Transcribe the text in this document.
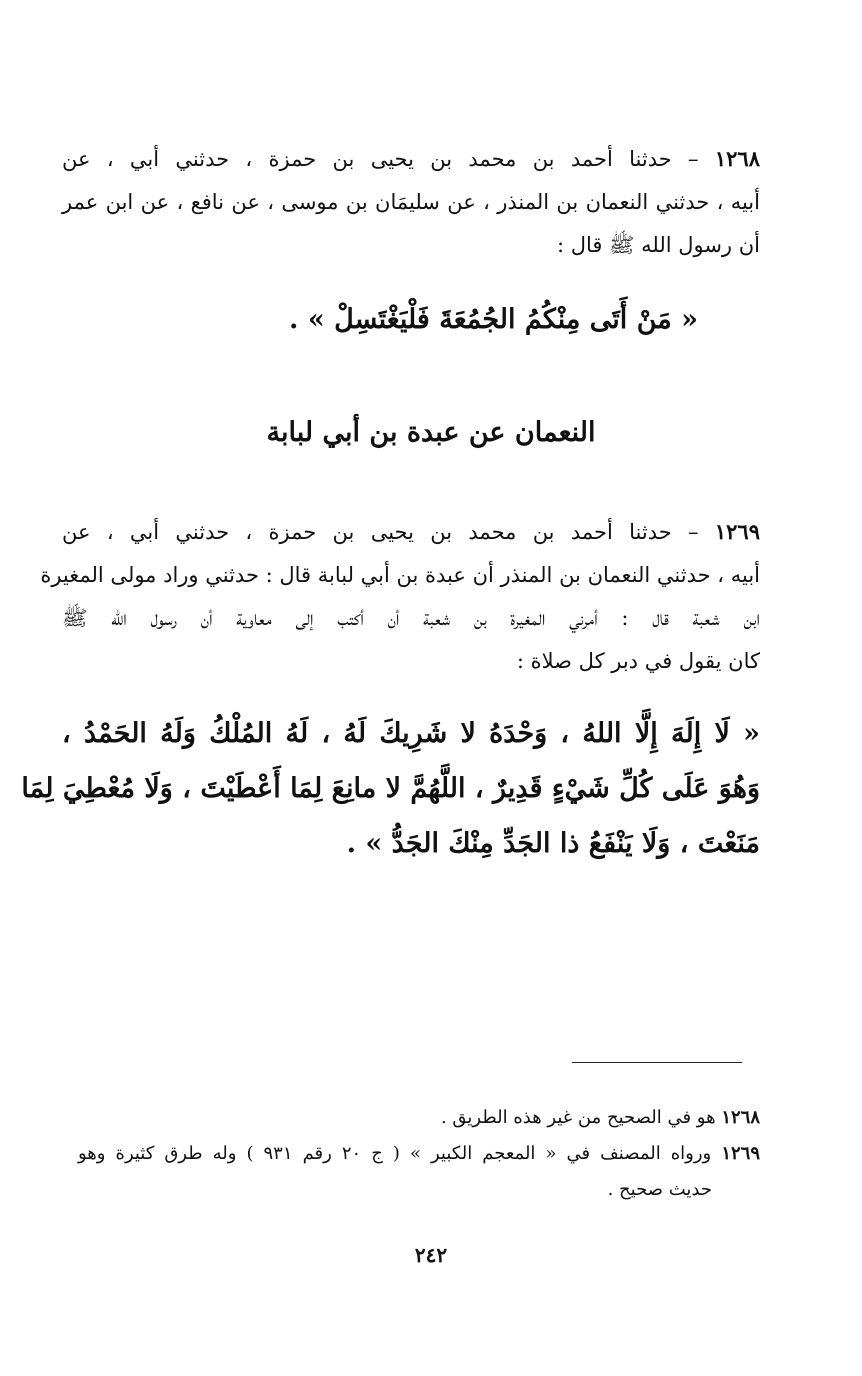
١٢٦٨ – حدثنا أحمد بن محمد بن يحيى بن حمزة ، حدثني أبي ، عن
أبيه ، حدثني النعمان بن المنذر ، عن سليمَان بن موسى ، عن نافع ، عن ابن عمر
أن رسول الله ﷺ قال :
« مَنْ أَتَى مِنْكُمُ الجُمُعَةَ فَلْيَغْتَسِلْ » .
النعمان عن عبدة بن أبي لبابة
١٢٦٩ – حدثنا أحمد بن محمد بن يحيى بن حمزة ، حدثني أبي ، عن
أبيه ، حدثني النعمان بن المنذر أن عبدة بن أبي لبابة قال : حدثني وراد مولى المغيرة
ابن شعبة قال : أمرني المغيرة بن شعبة أن أكتب إلى معاوية أن رسول الله ﷺ
كان يقول في دبر كل صلاة :
« لَا إِلَهَ إِلَّا اللهُ ، وَحْدَهُ لا شَرِيكَ لَهُ ، لَهُ المُلْكُ وَلَهُ الحَمْدُ ،
وَهُوَ عَلَى كُلِّ شَيْءٍ قَدِيرٌ ، اللَّهُمَّ لا مانِعَ لِمَا أَعْطَيْتَ ، وَلَا مُعْطِيَ لِمَا
مَنَعْتَ ، وَلَا يَنْفَعُ ذا الجَدِّ مِنْكَ الجَدُّ » .
١٢٦٨ هو في الصحيح من غير هذه الطريق .
١٢٦٩ ورواه المصنف في « المعجم الكبير » ( ج ٢٠ رقم ٩٣١ ) وله طرق كثيرة وهو
حديث صحيح .
٢٤٢
